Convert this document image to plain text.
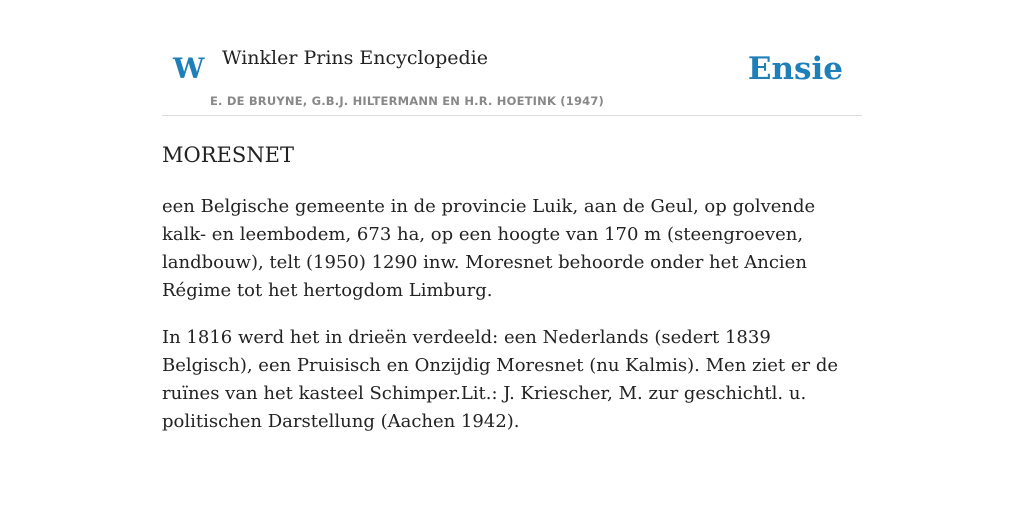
W Winkler Prins Encyclopedie
E. DE BRUYNE, G.B.J. HILTERMANN EN H.R. HOETINK (1947)
Ensie
MORESNET

een Belgische gemeente in de provincie Luik, aan de Geul, op golvende kalk- en leembodem, 673 ha, op een hoogte van 170 m (steengroeven, landbouw), telt (1950) 1290 inw. Moresnet behoorde onder het Ancien Régime tot het hertogdom Limburg.

In 1816 werd het in drieën verdeeld: een Nederlands (sedert 1839 Belgisch), een Pruisisch en Onzijdig Moresnet (nu Kalmis). Men ziet er de ruïnes van het kasteel Schimper.Lit.: J. Kriescher, M. zur geschichtl. u. politischen Darstellung (Aachen 1942).
